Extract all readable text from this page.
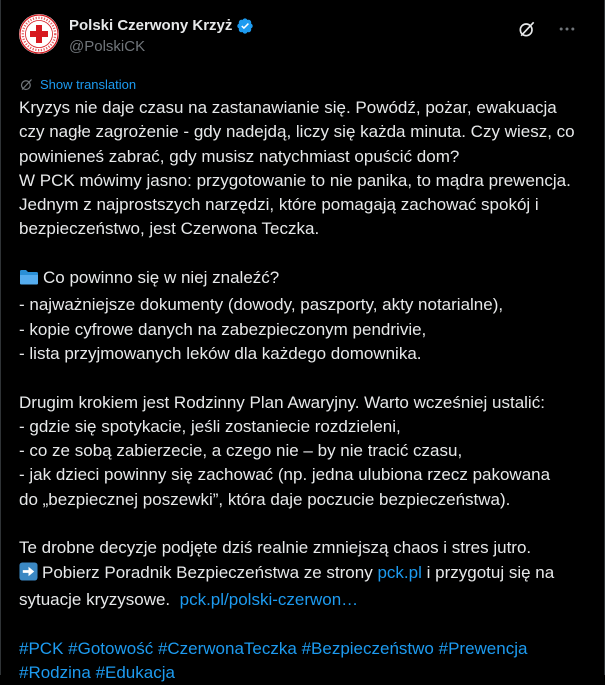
Polski Czerwony Krzyż
@PolskiCK
Show translation
Kryzys nie daje czasu na zastanawianie się. Powódź, pożar, ewakuacja
czy nagłe zagrożenie - gdy nadejdą, liczy się każda minuta. Czy wiesz, co
powinieneś zabrać, gdy musisz natychmiast opuścić dom?
W PCK mówimy jasno: przygotowanie to nie panika, to mądra prewencja.
Jednym z najprostszych narzędzi, które pomagają zachować spokój i
bezpieczeństwo, jest Czerwona Teczka.
Co powinno się w niej znaleźć?
- najważniejsze dokumenty (dowody, paszporty, akty notarialne),
- kopie cyfrowe danych na zabezpieczonym pendrivie,
- lista przyjmowanych leków dla każdego domownika.
Drugim krokiem jest Rodzinny Plan Awaryjny. Warto wcześniej ustalić:
- gdzie się spotykacie, jeśli zostaniecie rozdzieleni,
- co ze sobą zabierzecie, a czego nie – by nie tracić czasu,
- jak dzieci powinny się zachować (np. jedna ulubiona rzecz pakowana
do „bezpiecznej poszewki”, która daje poczucie bezpieczeństwa).
Te drobne decyzje podjęte dziś realnie zmniejszą chaos i stres jutro.
Pobierz Poradnik Bezpieczeństwa ze strony pck.pl i przygotuj się na
sytuacje kryzysowe. pck.pl/polski-czerwon…
#PCK #Gotowość #CzerwonaTeczka #Bezpieczeństwo #Prewencja
#Rodzina #Edukacja
